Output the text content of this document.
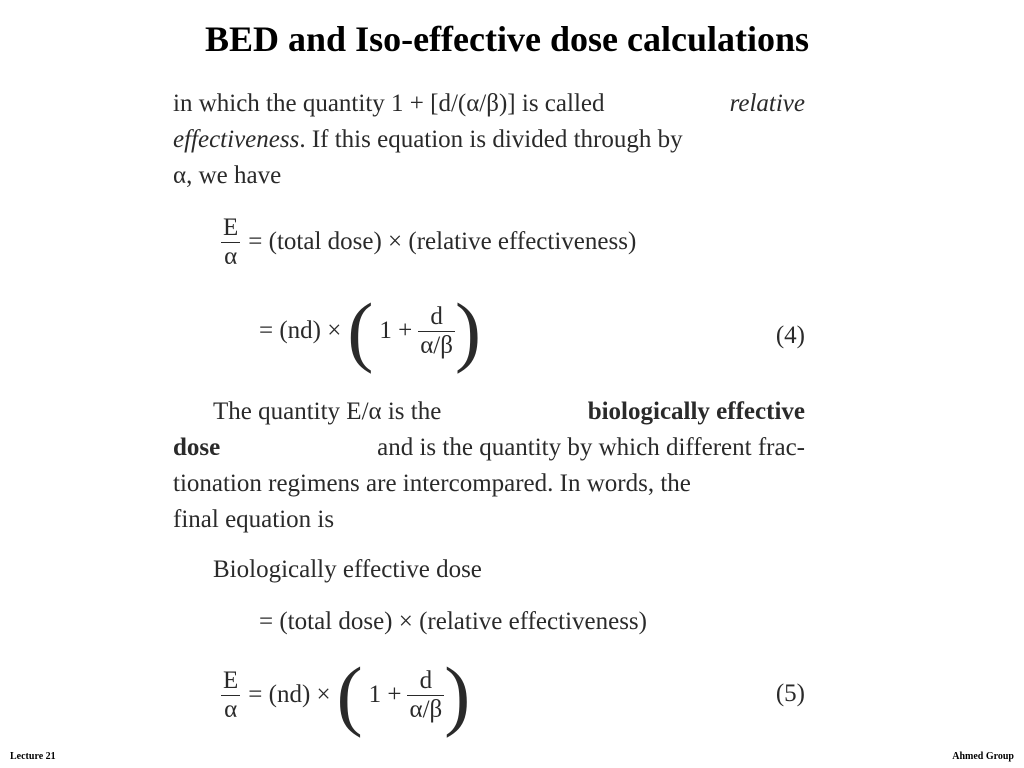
BED and Iso-effective dose calculations
in which the quantity 1 + [d/(α/β)] is called	relative
effectiveness. If this equation is divided through by
α, we have
$\frac{E}{\alpha}$ = (total dose) × (relative effectiveness)
= (nd) × ( $1 + \frac{d}{\alpha/\beta}$ )	(4)
The quantity E/α is the	biologically effective
dose	and is the quantity by which different frac-
tionation regimens are intercompared. In words, the
final equation is
Biologically effective dose
= (total dose) × (relative effectiveness)
$\frac{E}{\alpha} = (nd)$ × ( $1 + \frac{d}{\alpha/\beta}$ )	(5)
Lecture 21	Ahmed Group
